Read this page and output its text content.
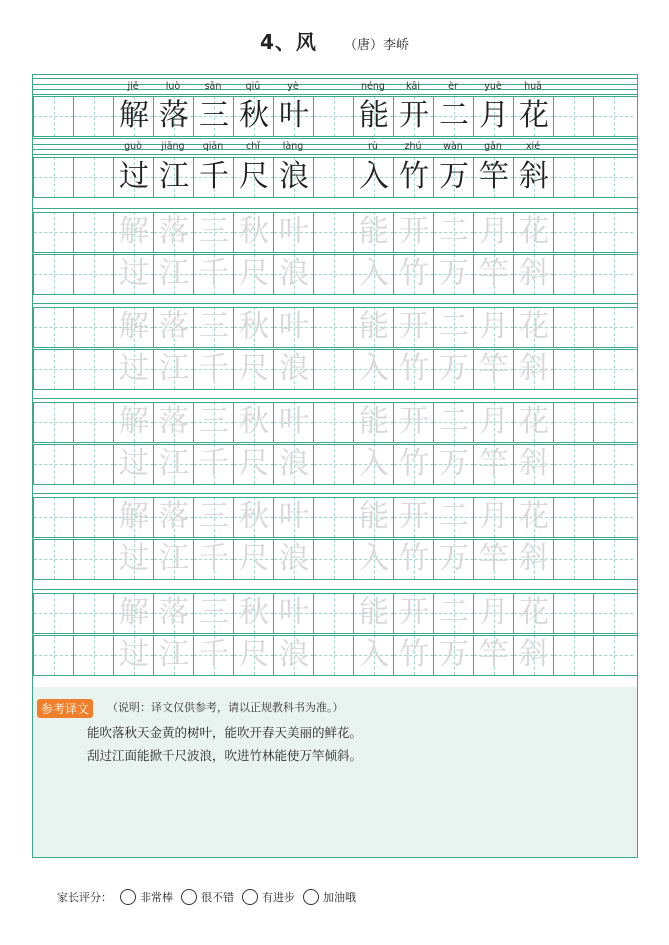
4、风 （唐）李峤
参考译文	（说明：译文仅供参考，请以正规教科书为准。）
能吹落秋天金黄的树叶，能吹开春天美丽的鲜花。
刮过江面能掀千尺波浪，吹进竹林能使万竿倾斜。
jiě	luò	sān	qiū	yè	néng	kāi	èr	yuè	huā
解 落 三 秋 叶 能 开 二 月 花
guò	jiāng	qiān	chǐ	làng	rù	zhú	wàn	gān	xié
过 江 千 尺 浪 入 竹 万 竿 斜
解 落 三 秋 叶 能 开 二 月 花
过 江 千 尺 浪 入 竹 万 竿 斜
解 落 三 秋 叶 能 开 二 月 花
过 江 千 尺 浪 入 竹 万 竿 斜
解 落 三 秋 叶 能 开 二 月 花
过 江 千 尺 浪 入 竹 万 竿 斜
解 落 三 秋 叶 能 开 二 月 花
过 江 千 尺 浪 入 竹 万 竿 斜
解 落 三 秋 叶 能 开 二 月 花
过 江 千 尺 浪 入 竹 万 竿 斜
家长评分：	非常棒	很不错	有进步	加油哦
